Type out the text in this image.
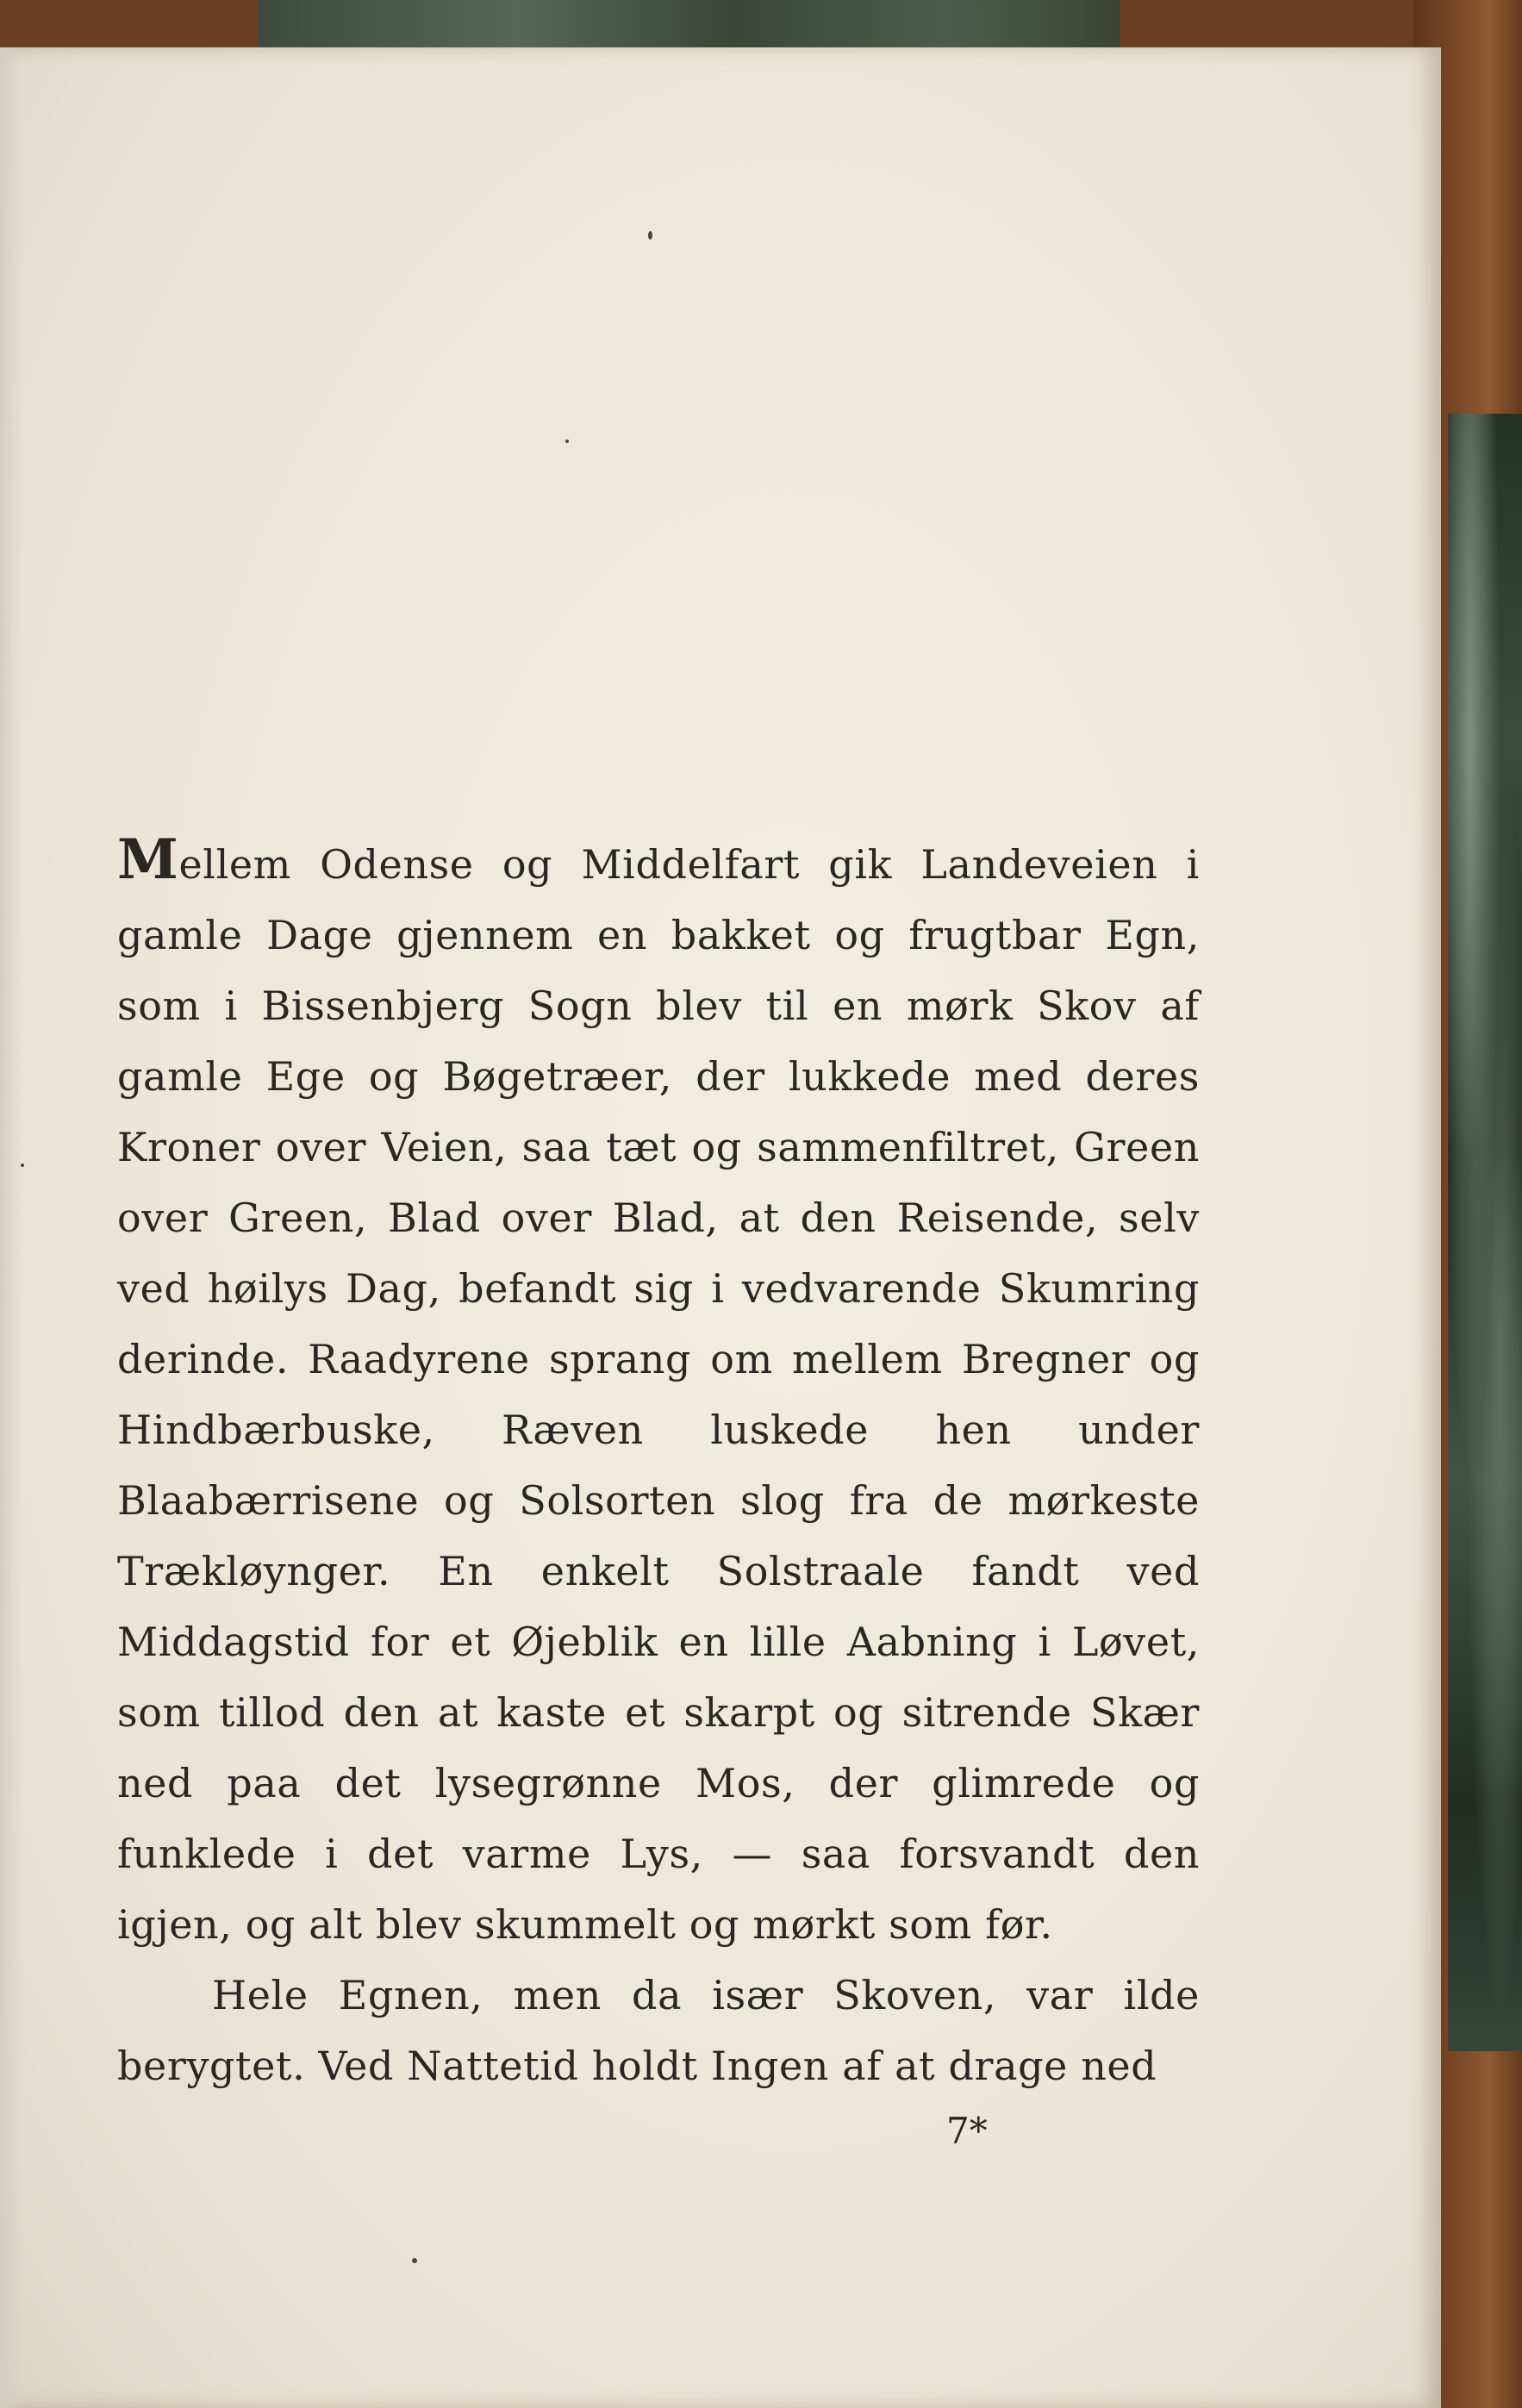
Mellem Odense og Middelfart gik Landeveien i gamle Dage gjennem en bakket og frugtbar Egn, som i Bissenbjerg Sogn blev til en mørk Skov af gamle Ege og Bøgetræer, der lukkede med deres Kroner over Veien, saa tæt og sammenfiltret, Green over Green, Blad over Blad, at den Reisende, selv ved høilys Dag, befandt sig i vedvarende Skumring derinde. Raadyrene sprang om mellem Bregner og Hindbærbuske, Ræven luskede hen under Blaabærrisene og Solsorten slog fra de mørkeste Trækløynger. En enkelt Solstraale fandt ved Middagstid for et Øjeblik en lille Aabning i Løvet, som tillod den at kaste et skarpt og sitrende Skær ned paa det lysegrønne Mos, der glimrede og funklede i det varme Lys, — saa forsvandt den igjen, og alt blev skummelt og mørkt som før.

Hele Egnen, men da især Skoven, var ilde berygtet. Ved Nattetid holdt Ingen af at drage ned

7*
